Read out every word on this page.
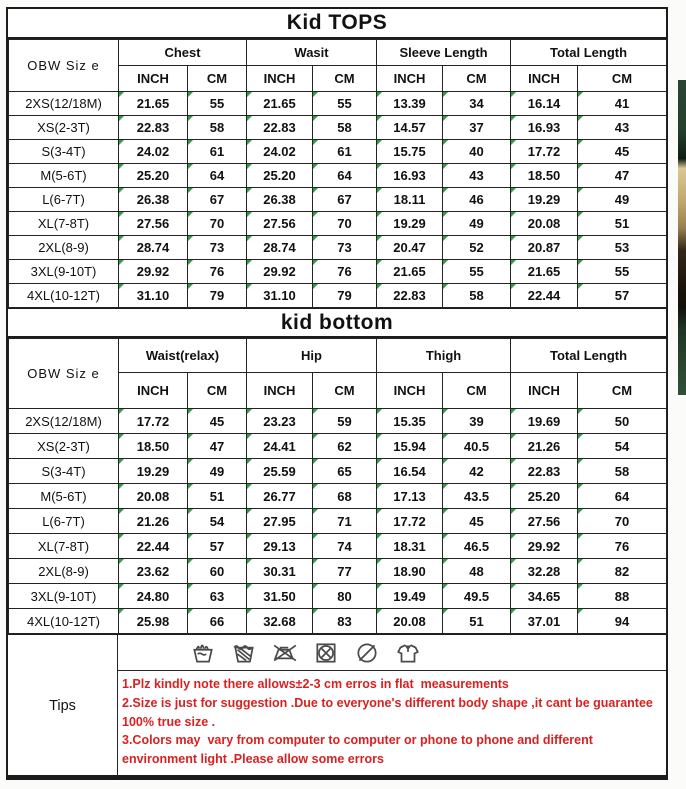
Kid TOPS
OBW Siz e	Chest		Wasit		Sleeve Length		Total Length	
	INCH	CM	INCH	CM	INCH	CM	INCH	CM
2XS(12/18M)	21.65	55	21.65	55	13.39	34	16.14	41
XS(2-3T)	22.83	58	22.83	58	14.57	37	16.93	43
S(3-4T)	24.02	61	24.02	61	15.75	40	17.72	45
M(5-6T)	25.20	64	25.20	64	16.93	43	18.50	47
L(6-7T)	26.38	67	26.38	67	18.11	46	19.29	49
XL(7-8T)	27.56	70	27.56	70	19.29	49	20.08	51
2XL(8-9)	28.74	73	28.74	73	20.47	52	20.87	53
3XL(9-10T)	29.92	76	29.92	76	21.65	55	21.65	55
4XL(10-12T)	31.10	79	31.10	79	22.83	58	22.44	57
kid bottom
OBW Siz e	Waist(relax)		Hip		Thigh		Total Length	
	INCH	CM	INCH	CM	INCH	CM	INCH	CM
2XS(12/18M)	17.72	45	23.23	59	15.35	39	19.69	50
XS(2-3T)	18.50	47	24.41	62	15.94	40.5	21.26	54
S(3-4T)	19.29	49	25.59	65	16.54	42	22.83	58
M(5-6T)	20.08	51	26.77	68	17.13	43.5	25.20	64
L(6-7T)	21.26	54	27.95	71	17.72	45	27.56	70
XL(7-8T)	22.44	57	29.13	74	18.31	46.5	29.92	76
2XL(8-9)	23.62	60	30.31	77	18.90	48	32.28	82
3XL(9-10T)	24.80	63	31.50	80	19.49	49.5	34.65	88
4XL(10-12T)	25.98	66	32.68	83	20.08	51	37.01	94
Tips
1.Plz kindly note there allows±2-3 cm erros in flat  measurements
2.Size is just for suggestion .Due to everyone's different body shape ,it cant be guarantee 100% true size .
3.Colors may  vary from computer to computer or phone to phone and different environment light .Please allow some errors
